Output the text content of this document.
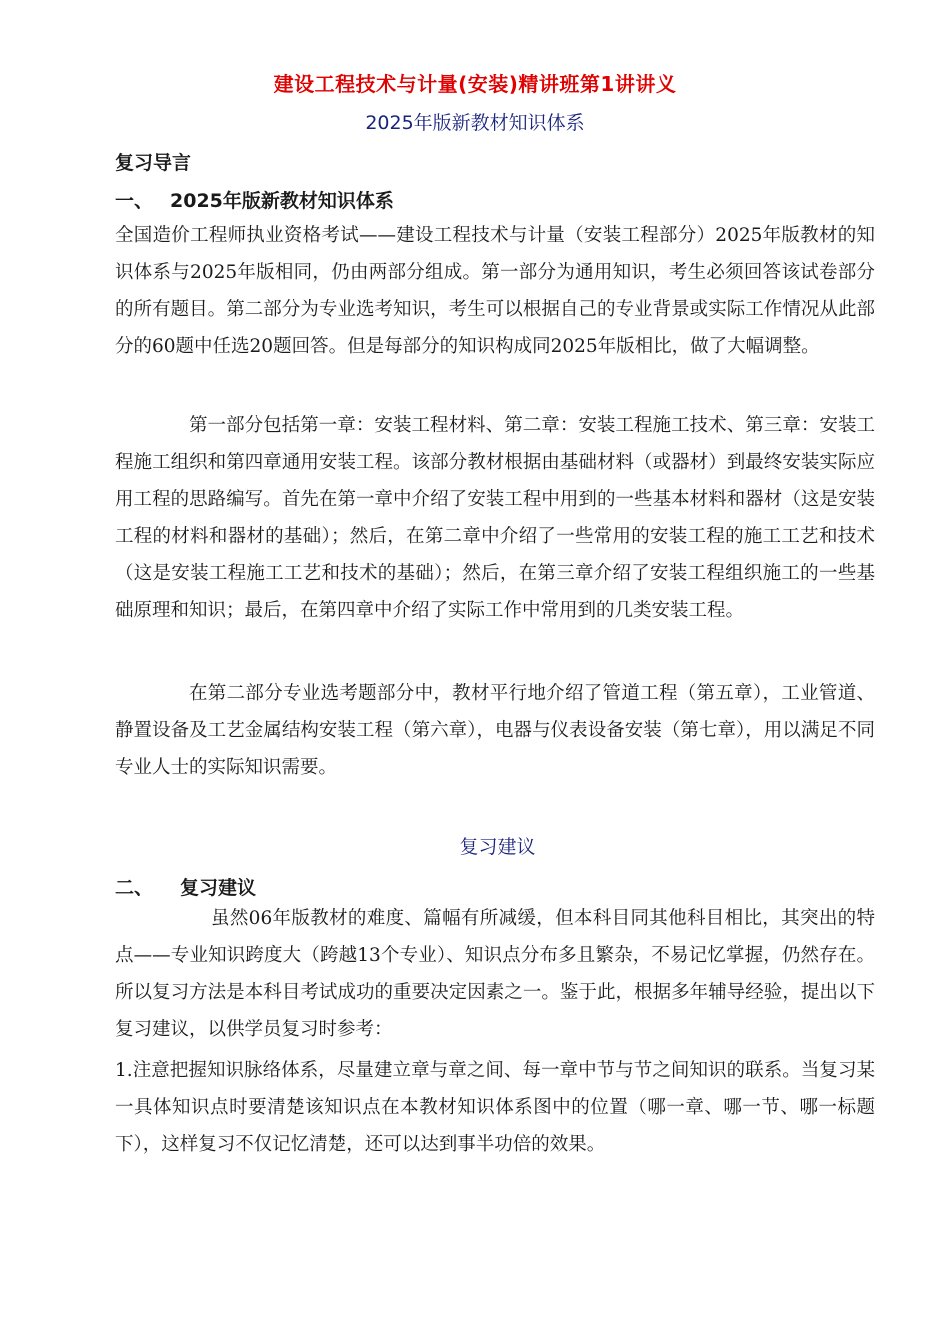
建设工程技术与计量(安装)精讲班第1讲讲义
2025年版新教材知识体系
复习导言
一、 2025年版新教材知识体系

全国造价工程师执业资格考试——建设工程技术与计量（安装工程部分）2025年版教材的知识体系与2025年版相同，仍由两部分组成。第一部分为通用知识，考生必须回答该试卷部分的所有题目。第二部分为专业选考知识，考生可以根据自己的专业背景或实际工作情况从此部分的60题中任选20题回答。但是每部分的知识构成同2025年版相比，做了大幅调整。

第一部分包括第一章：安装工程材料、第二章：安装工程施工技术、第三章：安装工程施工组织和第四章通用安装工程。该部分教材根据由基础材料（或器材）到最终安装实际应用工程的思路编写。首先在第一章中介绍了安装工程中用到的一些基本材料和器材（这是安装工程的材料和器材的基础）；然后，在第二章中介绍了一些常用的安装工程的施工工艺和技术（这是安装工程施工工艺和技术的基础）；然后，在第三章介绍了安装工程组织施工的一些基础原理和知识；最后，在第四章中介绍了实际工作中常用到的几类安装工程。

在第二部分专业选考题部分中，教材平行地介绍了管道工程（第五章），工业管道、静置设备及工艺金属结构安装工程（第六章），电器与仪表设备安装（第七章），用以满足不同专业人士的实际知识需要。

复习建议
二、 复习建议

虽然06年版教材的难度、篇幅有所减缓，但本科目同其他科目相比，其突出的特点——专业知识跨度大（跨越13个专业）、知识点分布多且繁杂，不易记忆掌握，仍然存在。所以复习方法是本科目考试成功的重要决定因素之一。鉴于此，根据多年辅导经验，提出以下复习建议，以供学员复习时参考：

1.注意把握知识脉络体系，尽量建立章与章之间、每一章中节与节之间知识的联系。当复习某一具体知识点时要清楚该知识点在本教材知识体系图中的位置（哪一章、哪一节、哪一标题下），这样复习不仅记忆清楚，还可以达到事半功倍的效果。
